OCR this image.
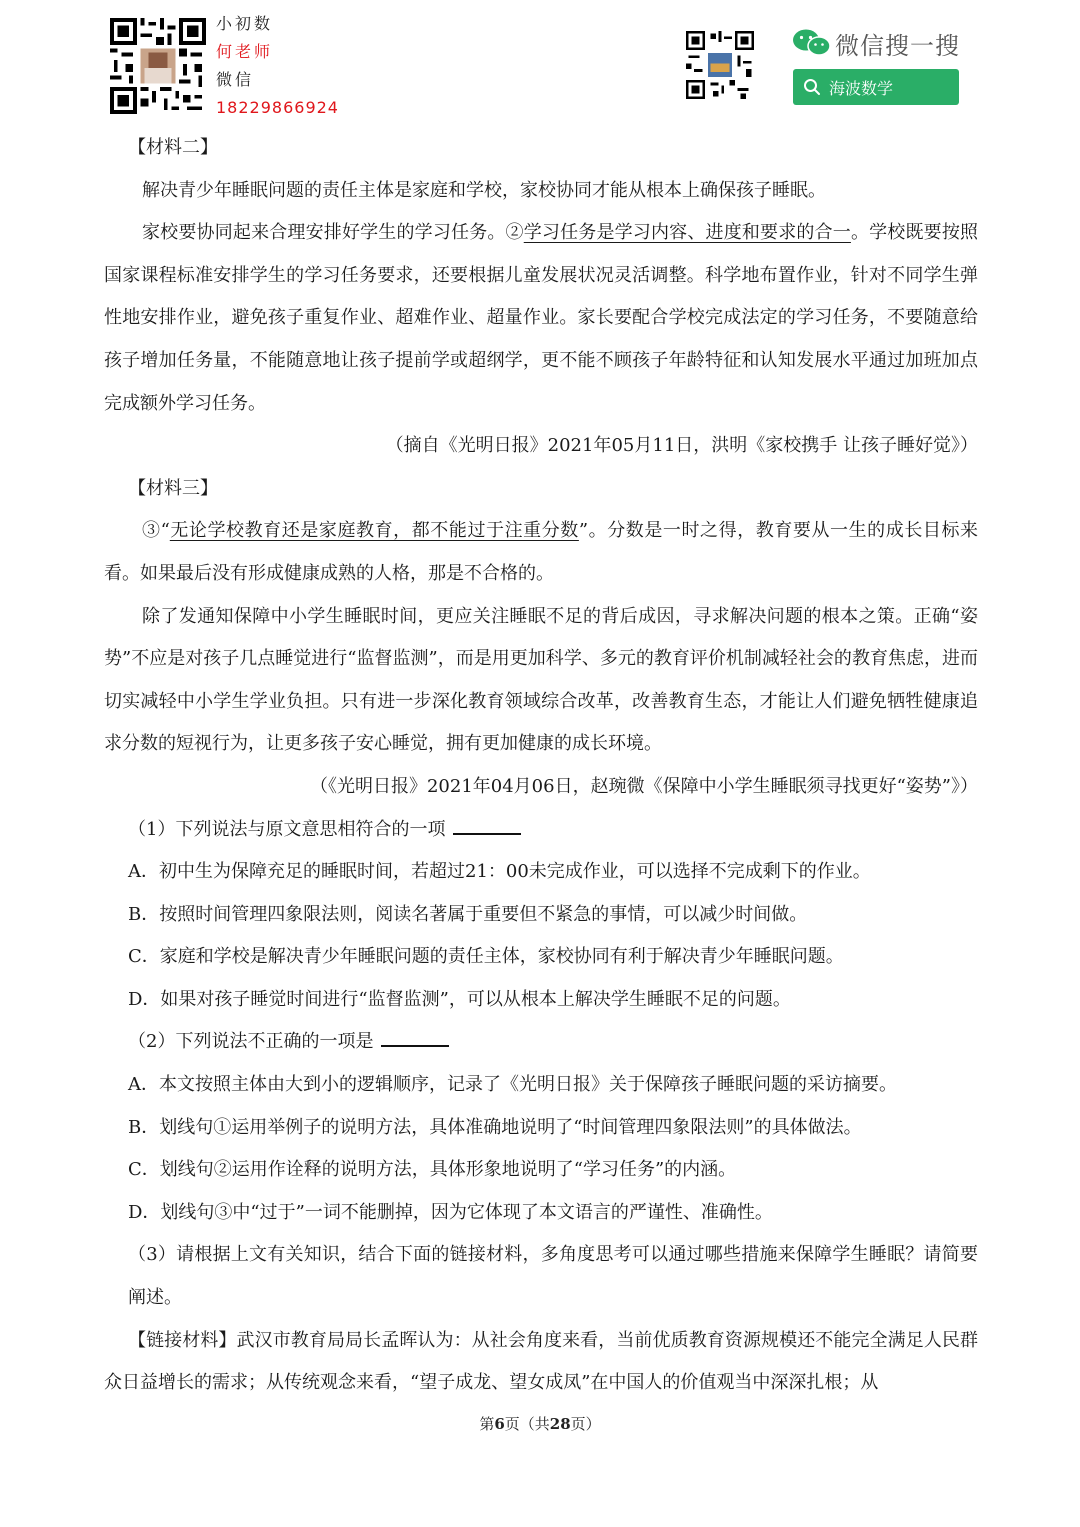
小初数
何老师
微信
18229866924
微信搜一搜
海波数学

【材料二】

解决青少年睡眠问题的责任主体是家庭和学校，家校协同才能从根本上确保孩子睡眠。

家校要协同起来合理安排好学生的学习任务。②学习任务是学习内容、进度和要求的合一。学校既要按照国家课程标准安排学生的学习任务要求，还要根据儿童发展状况灵活调整。科学地布置作业，针对不同学生弹性地安排作业，避免孩子重复作业、超难作业、超量作业。家长要配合学校完成法定的学习任务，不要随意给孩子增加任务量，不能随意地让孩子提前学或超纲学，更不能不顾孩子年龄特征和认知发展水平通过加班加点完成额外学习任务。

（摘自《光明日报》2021年05月11日，洪明《家校携手 让孩子睡好觉》）

【材料三】

③“无论学校教育还是家庭教育，都不能过于注重分数”。分数是一时之得，教育要从一生的成长目标来看。如果最后没有形成健康成熟的人格，那是不合格的。

除了发通知保障中小学生睡眠时间，更应关注睡眠不足的背后成因，寻求解决问题的根本之策。正确“姿势”不应是对孩子几点睡觉进行“监督监测”，而是用更加科学、多元的教育评价机制减轻社会的教育焦虑，进而切实减轻中小学生学业负担。只有进一步深化教育领域综合改革，改善教育生态，才能让人们避免牺牲健康追求分数的短视行为，让更多孩子安心睡觉，拥有更加健康的成长环境。

（《光明日报》2021年04月06日，赵琬微《保障中小学生睡眠须寻找更好“姿势”》）

（1）下列说法与原文意思相符合的一项

A．初中生为保障充足的睡眠时间，若超过21：00未完成作业，可以选择不完成剩下的作业。

B．按照时间管理四象限法则，阅读名著属于重要但不紧急的事情，可以减少时间做。

C．家庭和学校是解决青少年睡眠问题的责任主体，家校协同有利于解决青少年睡眠问题。

D．如果对孩子睡觉时间进行“监督监测”，可以从根本上解决学生睡眠不足的问题。

（2）下列说法不正确的一项是

A．本文按照主体由大到小的逻辑顺序，记录了《光明日报》关于保障孩子睡眠问题的采访摘要。

B．划线句①运用举例子的说明方法，具体准确地说明了“时间管理四象限法则”的具体做法。

C．划线句②运用作诠释的说明方法，具体形象地说明了“学习任务”的内涵。

D．划线句③中“过于”一词不能删掉，因为它体现了本文语言的严谨性、准确性。

（3）请根据上文有关知识，结合下面的链接材料，多角度思考可以通过哪些措施来保障学生睡眠？请简要阐述。

【链接材料】武汉市教育局局长孟晖认为：从社会角度来看，当前优质教育资源规模还不能完全满足人民群众日益增长的需求；从传统观念来看，“望子成龙、望女成凤”在中国人的价值观当中深深扎根；从

第6页（共28页）
